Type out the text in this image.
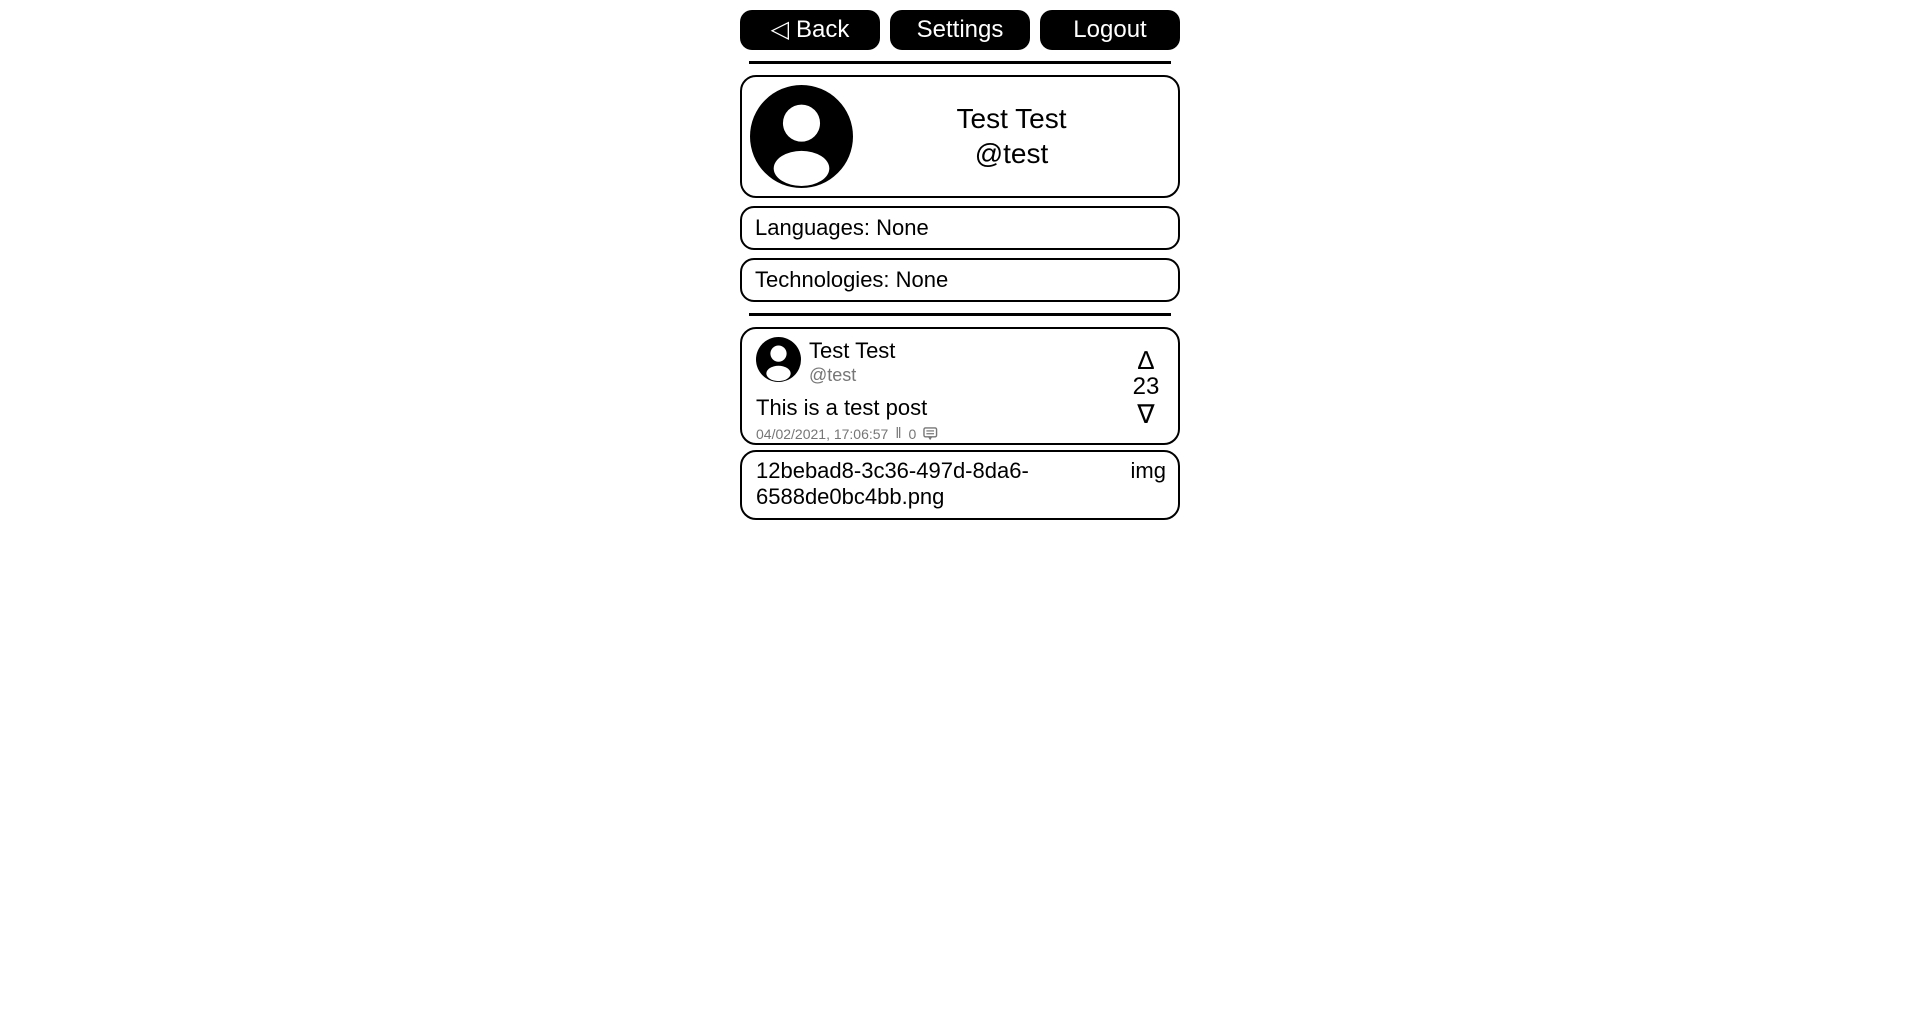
◁ Back	Settings	Logout
Test Test
@test
Languages: None
Technologies: None
Test Test
@test
This is a test post
04/02/2021, 17:06:57 ‖ 0
∆
23
∇
12bebad8-3c36-497d-8da6-6588de0bc4bb.png
img
